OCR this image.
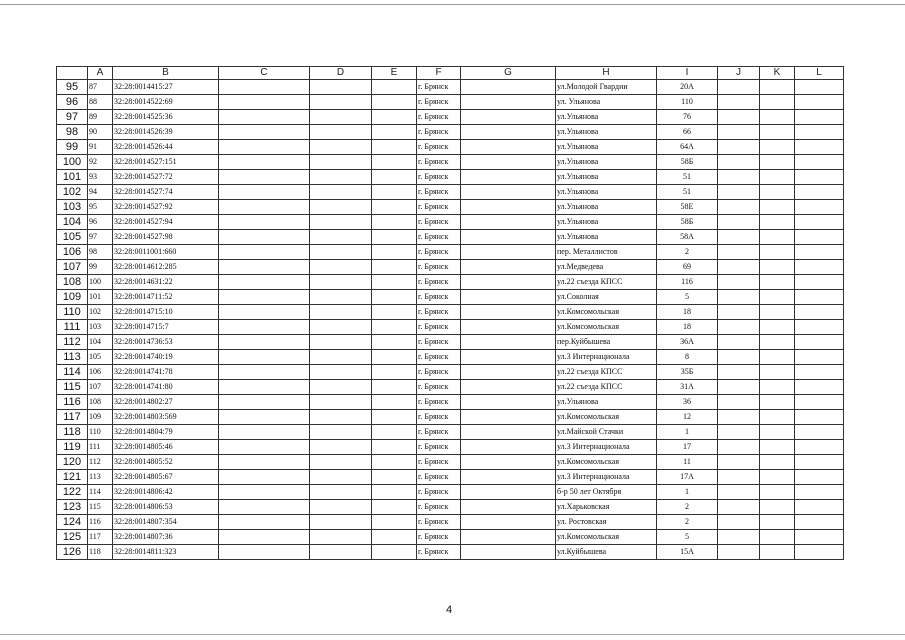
	A	B	C	D	E	F	G	H	I	J	K	L
95	87	32:28:0014415:27				г. Брянск		ул.Молодой Гвардии	20А			
96	88	32:28:0014522:69				г. Брянск		ул. Ульянова	110			
97	89	32:28:0014525:36				г. Брянск		ул.Ульянова	76			
98	90	32:28:0014526:39				г. Брянск		ул.Ульянова	66			
99	91	32:28:0014526:44				г. Брянск		ул.Ульянова	64А			
100	92	32:28:0014527:151				г. Брянск		ул.Ульянова	58Б			
101	93	32:28:0014527:72				г. Брянск		ул.Ульянова	51			
102	94	32:28:0014527:74				г. Брянск		ул.Ульянова	51			
103	95	32:28:0014527:92				г. Брянск		ул.Ульянова	58Е			
104	96	32:28:0014527:94				г. Брянск		ул.Ульянова	58Б			
105	97	32:28:0014527:98				г. Брянск		ул.Ульянова	58А			
106	98	32:28:0011001:660				г. Брянск		пер. Металлистов	2			
107	99	32:28:0014612:285				г. Брянск		ул.Медведева	69			
108	100	32:28:0014631:22				г. Брянск		ул.22 съезда КПСС	116			
109	101	32:28:0014711:52				г. Брянск		ул.Соколная	5			
110	102	32:28:0014715:10				г. Брянск		ул.Комсомольская	18			
111	103	32:28:0014715:7				г. Брянск		ул.Комсомольская	18			
112	104	32:28:0014736:53				г. Брянск		пер.Куйбышева	36А			
113	105	32:28:0014740:19				г. Брянск		ул.3 Интернационала	8			
114	106	32:28:0014741:78				г. Брянск		ул.22 съезда КПСС	35Б			
115	107	32:28:0014741:80				г. Брянск		ул.22 съезда КПСС	31А			
116	108	32:28:0014802:27				г. Брянск		ул.Ульянова	36			
117	109	32:28:0014803:569				г. Брянск		ул.Комсомольская	12			
118	110	32:28:0014804:79				г. Брянск		ул.Майской Стачки	1			
119	111	32:28:0014805:46				г. Брянск		ул.3 Интернационала	17			
120	112	32:28:0014805:52				г. Брянск		ул.Комсомольская	11			
121	113	32:28:0014805:67				г. Брянск		ул.3 Интернационала	17А			
122	114	32:28:0014806:42				г. Брянск		б-р 50 лет Октября	1			
123	115	32:28:0014806:53				г. Брянск		ул.Харьковская	2			
124	116	32:28:0014807:354				г. Брянск		ул. Ростовская	2			
125	117	32:28:0014807:36				г. Брянск		ул.Комсомольская	5			
126	118	32:28:0014811:323				г. Брянск		ул.Куйбышева	15А			
4
